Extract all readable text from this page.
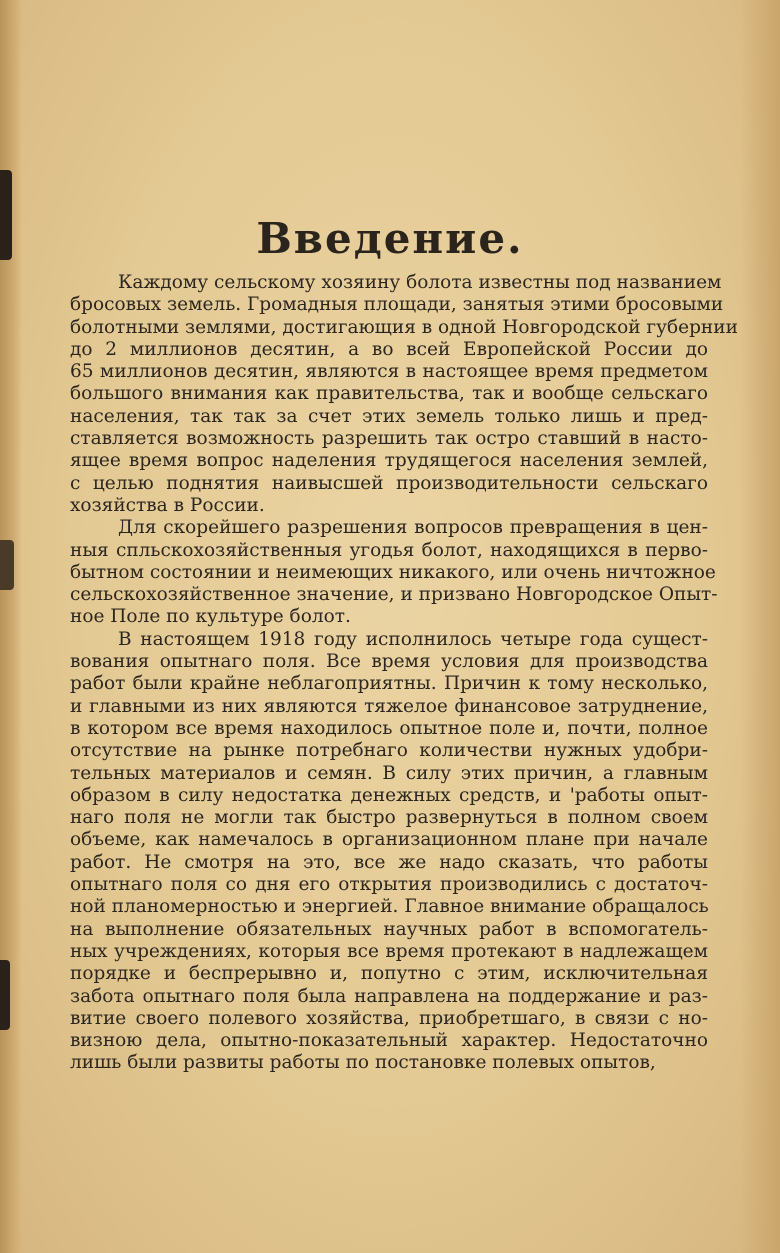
Введение.
Каждому сельскому хозяину болота известны под названием
бросовых земель. Громадныя площади, занятыя этими бросовыми
болотными землями, достигающия в одной Новгородской губернии
до 2 миллионов десятин, а во всей Европейской России до
65 миллионов десятин, являются в настоящее время предметом
большого внимания как правительства, так и вообще сельскаго
населения, так так за счет этих земель только лишь и пред-
ставляется возможность разрешить так остро ставший в насто-
ящее время вопрос наделения трудящегося населения землей,
с целью поднятия наивысшей производительности сельскаго
хозяйства в России.
Для скорейшего разрешения вопросов превращения в цен-
ныя спльскохозяйственныя угодья болот, находящихся в перво-
бытном состоянии и неимеющих никакого, или очень ничтожное
сельскохозяйственное значение, и призвано Новгородское Опыт-
ное Поле по культуре болот.
В настоящем 1918 году исполнилось четыре года сущест-
вования опытнаго поля. Все время условия для производства
работ были крайне неблагоприятны. Причин к тому несколько,
и главными из них являются тяжелое финансовое затруднение,
в котором все время находилось опытное поле и, почти, полное
отсутствие на рынке потребнаго количестви нужных удобри-
тельных материалов и семян. В силу этих причин, а главным
образом в силу недостатка денежных средств, и 'работы опыт-
наго поля не могли так быстро развернуться в полном своем
объеме, как намечалось в организационном плане при начале
работ. Не смотря на это, все же надо сказать, что работы
опытнаго поля со дня его открытия производились с достаточ-
ной планомерностью и энергией. Главное внимание обращалось
на выполнение обязательных научных работ в вспомогатель-
ных учреждениях, которыя все время протекают в надлежащем
порядке и беспрерывно и, попутно с этим, исключительная
забота опытнаго поля была направлена на поддержание и раз-
витие своего полевого хозяйства, приобретшаго, в связи с но-
визною дела, опытно-показательный характер. Недостаточно
лишь были развиты работы по постановке полевых опытов,
